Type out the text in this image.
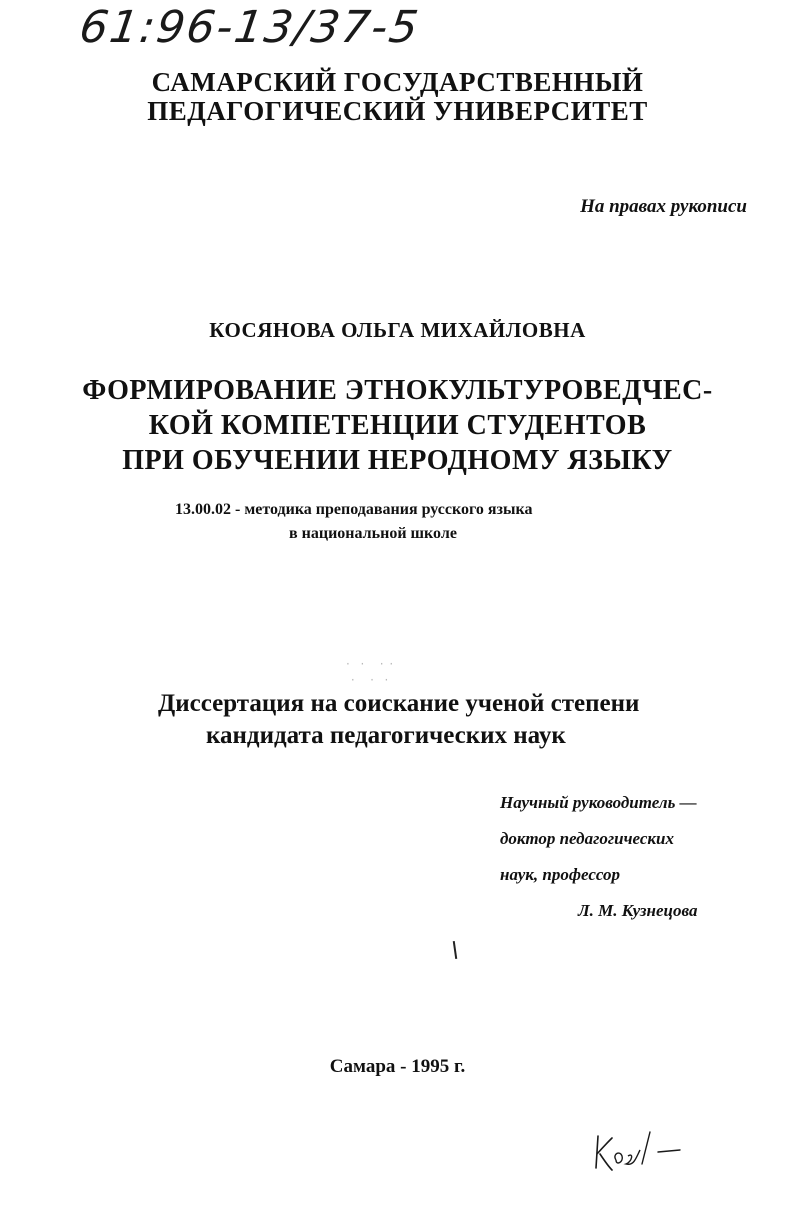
61:96-13/37-5
САМАРСКИЙ ГОСУДАРСТВЕННЫЙ
ПЕДАГОГИЧЕСКИЙ УНИВЕРСИТЕТ
На правах рукописи
КОСЯНОВА ОЛЬГА МИХАЙЛОВНА
ФОРМИРОВАНИЕ ЭТНОКУЛЬТУРОВЕДЧЕС-
КОЙ КОМПЕТЕНЦИИ СТУДЕНТОВ
ПРИ ОБУЧЕНИИ НЕРОДНОМУ ЯЗЫКУ
13.00.02 - методика преподавания русского языка
в национальной школе
·  ·   · ·
·   ·  ·
Диссертация на соискание ученой степени
кандидата педагогических наук
Научный руководитель —
доктор педагогических
наук, профессор
Л. М. Кузнецова
Самара - 1995 г.
